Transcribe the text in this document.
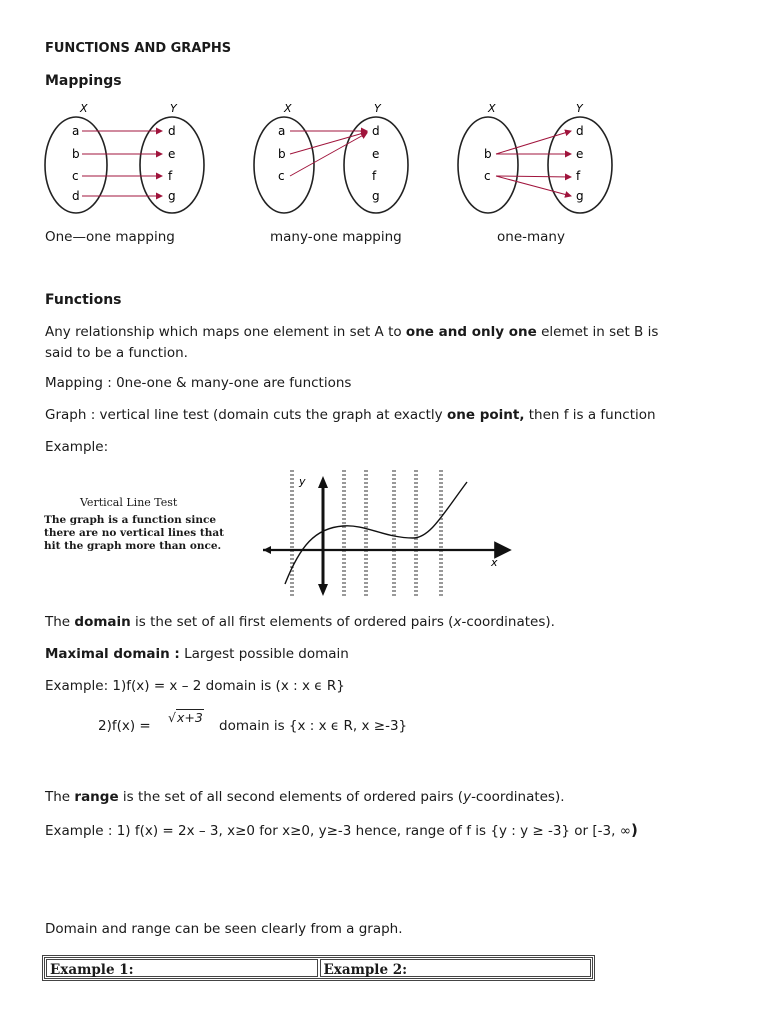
FUNCTIONS AND GRAPHS
Mappings
X	Y
a
b
c
d
d
e
f
g
X	Y
a
b
c
d
e
f
g
X	Y
b
c
d
e
f
g
One—one mapping	many-one mapping	one-many
Functions
Any relationship which maps one element in set A to one and only one elemet in set B is
said to be a function.
Mapping : 0ne-one & many-one are functions
Graph : vertical line test (domain cuts the graph at exactly one point, then f is a function
Example:
Vertical Line Test
The graph is a function since
there are no vertical lines that
hit the graph more than once.
y
x
The domain is the set of all first elements of ordered pairs (x-coordinates).
Maximal domain : Largest possible domain
Example: 1)f(x) = x – 2 domain is (x : x ϵ R}
2)f(x) =
√x+3
domain is {x : x ϵ R, x ≥-3}
The range is the set of all second elements of ordered pairs (y-coordinates).
Example : 1) f(x) = 2x – 3, x≥0 for x≥0, y≥-3 hence, range of f is {y : y ≥ -3} or [-3, ∞)
Domain and range can be seen clearly from a graph.
Example 1:	Example 2:
